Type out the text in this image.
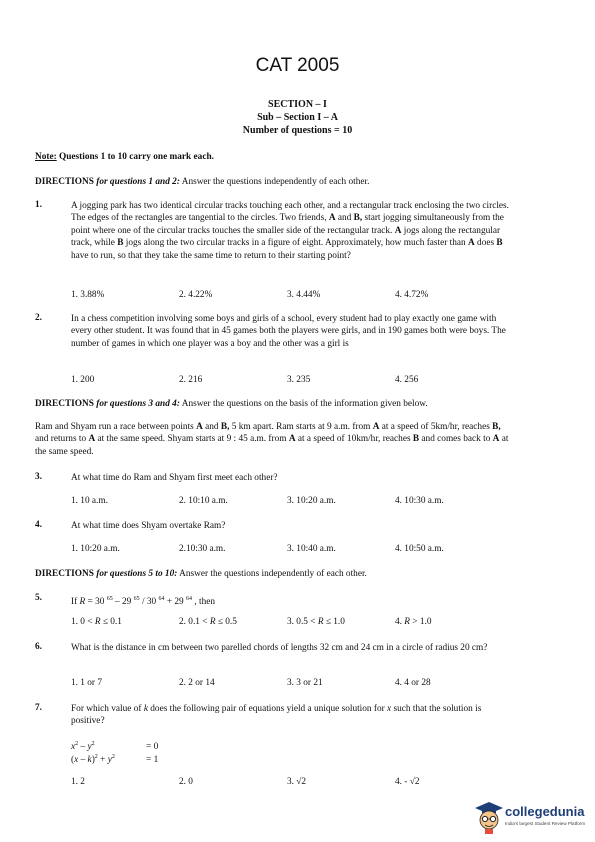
CAT 2005
SECTION – I
Sub – Section I – A
Number of questions = 10
Note: Questions 1 to 10 carry one mark each.
DIRECTIONS for questions 1 and 2: Answer the questions independently of each other.
1.	A jogging park has two identical circular tracks touching each other, and a rectangular track enclosing the two circles. The edges of the rectangles are tangential to the circles. Two friends, A and B, start jogging simultaneously from the point where one of the circular tracks touches the smaller side of the rectangular track. A jogs along the rectangular track, while B jogs along the two circular tracks in a figure of eight. Approximately, how much faster than A does B have to run, so that they take the same time to return to their starting point?
1. 3.88%	2. 4.22%	3. 4.44%	4. 4.72%
2.	In a chess competition involving some boys and girls of a school, every student had to play exactly one game with every other student. It was found that in 45 games both the players were girls, and in 190 games both were boys. The number of games in which one player was a boy and the other was a girl is
1. 200	2. 216	3. 235	4. 256
DIRECTIONS for questions 3 and 4: Answer the questions on the basis of the information given below.
Ram and Shyam run a race between points A and B, 5 km apart. Ram starts at 9 a.m. from A at a speed of 5km/hr, reaches B, and returns to A at the same speed. Shyam starts at 9 : 45 a.m. from A at a speed of 10km/hr, reaches B and comes back to A at the same speed.
3.	At what time do Ram and Shyam first meet each other?
1. 10 a.m.	2. 10:10 a.m.	3. 10:20 a.m.	4. 10:30 a.m.
4.	At what time does Shyam overtake Ram?
1. 10:20 a.m.	2.10:30 a.m.	3. 10:40 a.m.	4. 10:50 a.m.
DIRECTIONS for questions 5 to 10: Answer the questions independently of each other.
5.	If R = 30 $^{65}$ – 29 $^{65}$ / 30 $^{64}$ + 29 $^{64}$ , then
1. 0 < R ≤ 0.1	2. 0.1 < R ≤ 0.5	3. 0.5 < R ≤ 1.0	4. R > 1.0
6.	What is the distance in cm between two parelled chords of lengths 32 cm and 24 cm in a circle of radius 20 cm?
1. 1 or 7	2. 2 or 14	3. 3 or 21	4. 4 or 28
7.	For which value of k does the following pair of equations yield a unique solution for x such that the solution is positive?
$x^2 - y^2$	= 0
$(x - k)^2 + y^2$	= 1
1. 2	2. 0	3. √2	4. - √2
collegedunia
India's largest Student Review Platform
